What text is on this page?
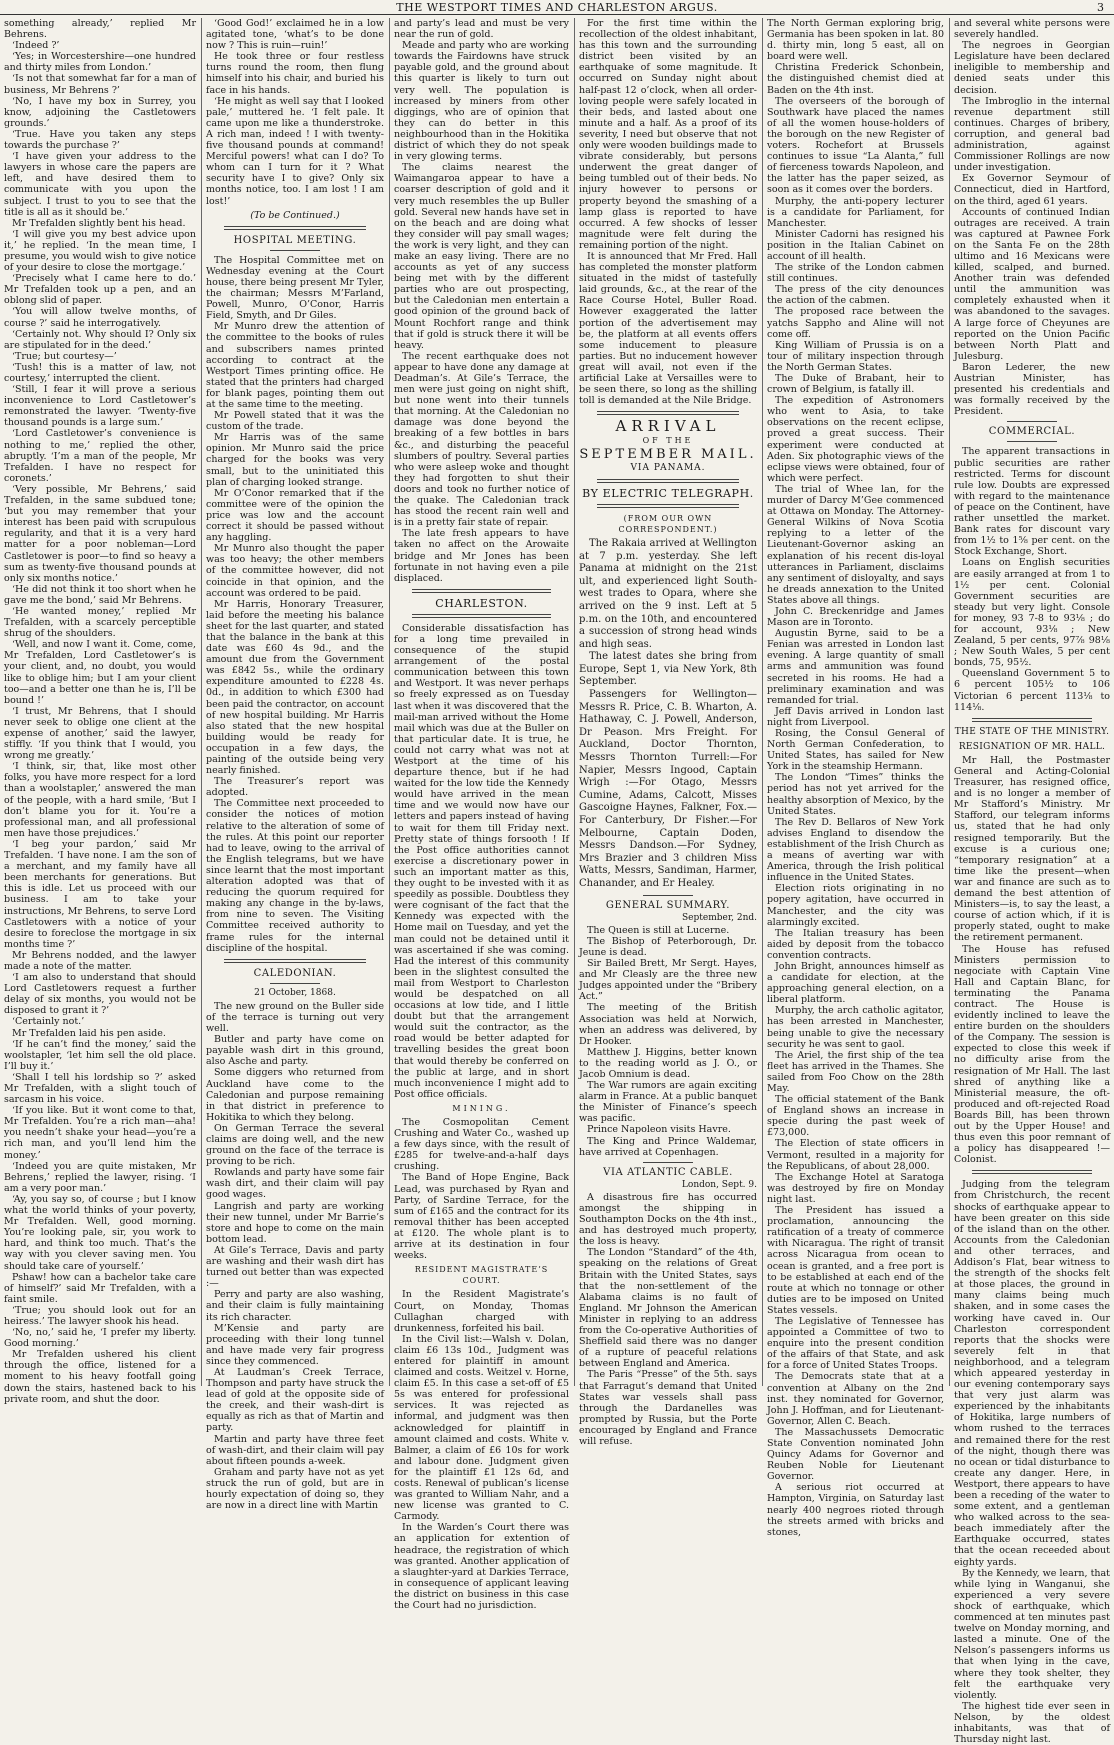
THE WESTPORT TIMES AND CHARLESTON ARGUS.	3

something already,’ replied Mr Behrens.

‘Indeed ?’

‘Yes; in Worcestershire—one hundred and thirty miles from London.’

‘Is not that somewhat far for a man of business, Mr Behrens ?’

‘No, I have my box in Surrey, you know, adjoining the Castletowers grounds.’

‘True. Have you taken any steps towards the purchase ?’

‘I have given your address to the lawyers in whose care the papers are left, and have desired them to communicate with you upon the subject. I trust to you to see that the title is all as it should be.’

Mr Trefalden slightly bent his head.

‘I will give you my best advice upon it,’ he replied. ‘In the mean time, I presume, you would wish to give notice of your desire to close the mortgage.’

‘Precisely what I came here to do.’ Mr Trefalden took up a pen, and an oblong slid of paper.

‘You will allow twelve months, of course ?’ said he interrogatively.

‘Certainly not. Why should I? Only six are stipulated for in the deed.’

‘True; but courtesy—’

‘Tush! this is a matter of law, not courtesy,’ interrupted the client.

‘Still, I fear it will prove a serious inconvenience to Lord Castletower’s remonstrated the lawyer. ‘Twenty-five thousand pounds is a large sum.’

‘Lord Castletower’s convenience is nothing to me,’ replied the other, abruptly. ‘I’m a man of the people, Mr Trefalden. I have no respect for coronets.’

‘Very possible, Mr Behrens,’ said Trefalden, in the same subdued tone; ‘but you may remember that your interest has been paid with scrupulous regularity, and that it is a very hard matter for a poor nobleman—Lord Castletower is poor—to find so heavy a sum as twenty-five thousand pounds at only six months notice.’

‘He did not think it too short when he gave me the bond,’ said Mr Behrens.

‘He wanted money,’ replied Mr Trefalden, with a scarcely perceptible shrug of the shoulders.

‘Well, and now I want it. Come, come, Mr Trefalden, Lord Castletower’s is your client, and, no doubt, you would like to oblige him; but I am your client too—and a better one than he is, I’ll be bound !’

‘I trust, Mr Behrens, that I should never seek to oblige one client at the expense of another,’ said the lawyer, stiffly. ‘If you think that I would, you wrong me greatly.’

‘I think, sir, that, like most other folks, you have more respect for a lord than a woolstapler,’ answered the man of the people, with a hard smile, ‘But I don’t blame you for it. You’re a professional man, and all professional men have those prejudices.’

‘I beg your pardon,’ said Mr Trefalden. ‘I have none. I am the son of a merchant, and my family have all been merchants for generations. But this is idle. Let us proceed with our business. I am to take your instructions, Mr Behrens, to serve Lord Castletowers with a notice of your desire to foreclose the mortgage in six months time ?’

Mr Behrens nodded, and the lawyer made a note of the matter.

‘I am also to understand that should Lord Castletowers request a further delay of six months, you would not be disposed to grant it ?’

‘Certainly not.’

Mr Trefalden laid his pen aside.

‘If he can’t find the money,’ said the woolstapler, ‘let him sell the old place. I’ll buy it.’

‘Shall I tell his lordship so ?’ asked Mr Trefalden, with a slight touch of sarcasm in his voice.

‘If you like. But it wont come to that, Mr Trefalden. You’re a rich man—aha! you needn’t shake your head—you’re a rich man, and you’ll lend him the money.’

‘Indeed you are quite mistaken, Mr Behrens,’ replied the lawyer, rising. ‘I am a very poor man.’

‘Ay, you say so, of course ; but I know what the world thinks of your poverty, Mr Trefalden. Well, good morning. You’re looking pale, sir, you work to hard, and think too much. That’s the way with you clever saving men. You should take care of yourself.’

Pshaw! how can a bachelor take care of himself?’ said Mr Trefalden, with a faint smile.

‘True; you should look out for an heiress.’ The lawyer shook his head.

‘No, no,’ said he, ‘I prefer my liberty. Good morning.’

Mr Trefalden ushered his client through the office, listened for a moment to his heavy footfall going down the stairs, hastened back to his private room, and shut the door.

‘Good God!’ exclaimed he in a low agitated tone, ‘what’s to be done now ? This is ruin—ruin!’

He took three or four restless turns round the room, then flung himself into his chair, and buried his face in his hands.

‘He might as well say that I looked pale,’ muttered he. ‘I felt pale. It came upon me like a thunderstroke. A rich man, indeed ! I with twenty-five thousand pounds at command! Merciful powers! what can I do? To whom can I turn for it ? What security have I to give? Only six months notice, too. I am lost ! I am lost!’

(To be Continued.)
HOSPITAL MEETING.

The Hospital Committee met on Wednesday evening at the Court house, there being present Mr Tyler, the chairman; Messrs M’Farland, Powell, Munro, O’Conor, Harris Field, Smyth, and Dr Giles.

Mr Munro drew the attention of the committee to the books of rules and subscribers names printed according to contract at the Westport Times printing office. He stated that the printers had charged for blank pages, pointing them out at the same time to the meeting.

Mr Powell stated that it was the custom of the trade.

Mr Harris was of the same opinion. Mr Munro said the price charged for the books was very small, but to the uninitiated this plan of charging looked strange.

Mr O’Conor remarked that if the committee were of the opinion the price was low and the account correct it should be passed without any haggling.

Mr Munro also thought the paper was too heavy; the other members of the committee however, did not coincide in that opinion, and the account was ordered to be paid.

Mr Harris, Honorary Treasurer, laid before the meeting his balance sheet for the last quarter, and stated that the balance in the bank at this date was £60 4s 9d., and the amount due from the Government was £842 5s., while the ordinary expenditure amounted to £228 4s. 0d., in addition to which £300 had been paid the contractor, on account of new hospital building. Mr Harris also stated that the new hospital building would be ready for occupation in a few days, the painting of the outside being very nearly finished.

The Treasurer’s report was adopted.

The Committee next proceeded to consider the notices of motion relative to the alteration of some of the rules. At this point our reporter had to leave, owing to the arrival of the English telegrams, but we have since learnt that the most important alteration adopted was that of reducing the quorum required for making any change in the by-laws, from nine to seven. The Visiting Committee received authority to frame rules for the internal discipline of the hospital.

CALEDONIAN.
21 October, 1868.

The new ground on the Buller side of the terrace is turning out very well.

Butler and party have come on payable wash dirt in this ground, also Asche and party.

Some diggers who returned from Auckland have come to the Caledonian and purpose remaining in that district in preference to Hokitika to which they belong.

On German Terrace the several claims are doing well, and the new ground on the face of the terrace is proving to be rich.

Rowlands and party have some fair wash dirt, and their claim will pay good wages.

Langrish and party are working their new tunnel, under Mr Barrie’s store and hope to come on the main bottom lead.

At Gile’s Terrace, Davis and party are washing and their wash dirt has turned out better than was expected :—

Perry and party are also washing, and their claim is fully maintaining its rich character.

M’Kensie and party are proceeding with their long tunnel and have made very fair progress since they commenced.

At Laudman’s Creek Terrace, Thompson and party have struck the lead of gold at the opposite side of the creek, and their wash-dirt is equally as rich as that of Martin and party.

Martin and party have three feet of wash-dirt, and their claim will pay about fifteen pounds a-week.

Graham and party have not as yet struck the run of gold, but are in hourly expectation of doing so, they are now in a direct line with Martin

and party’s lead and must be very near the run of gold.

Meade and party who are working towards the Fairdowns have struck payable gold, and the ground about this quarter is likely to turn out very well. The population is increased by miners from other diggings, who are of opinion that they can do better in this neighbourhood than in the Hokitika district of which they do not speak in very glowing terms.

The claims nearest the Waimangaroa appear to have a coarser description of gold and it very much resembles the up Buller gold. Several new hands have set in on the beach and are doing what they consider will pay small wages; the work is very light, and they can make an easy living. There are no accounts as yet of any success being met with by the different parties who are out prospecting, but the Caledonian men entertain a good opinion of the ground back of Mount Rochfort range and think that if gold is struck there it will be heavy.

The recent earthquake does not appear to have done any damage at Deadman’s. At Gile’s Terrace, the men were just going on night shift, but none went into their tunnels that morning. At the Caledonian no damage was done beyond the breaking of a few bottles in bars &c., and disturbing the peaceful slumbers of poultry. Several parties who were asleep woke and thought they had forgotten to shut their doors and took no further notice of the quake. The Caledonian track has stood the recent rain well and is in a pretty fair state of repair.

The late fresh appears to have taken no affect on the Arowaite bridge and Mr Jones has been fortunate in not having even a pile displaced.

CHARLESTON.

Considerable dissatisfaction has for a long time prevailed in consequence of the stupid arrangement of the postal communication between this town and Westport. It was never perhaps so freely expressed as on Tuesday last when it was discovered that the mail-man arrived without the Home mail which was due at the Buller on that particular date. It is true, he could not carry what was not at Westport at the time of his departure thence, but if he had waited for the low tide the Kennedy would have arrived in the mean time and we would now have our letters and papers instead of having to wait for them till Friday next. Pretty state of things forsooth ! If the Post office authorities cannot exercise a discretionary power in such an important matter as this, they ought to be invested with it as speedily as possible. Doubtless they were cognisant of the fact that the Kennedy was expected with the Home mail on Tuesday, and yet the man could not be detained until it was ascertained if she was coming. Had the interest of this community been in the slightest consulted the mail from Westport to Charleston would be despatched on all occasions at low tide, and I little doubt but that the arrangement would suit the contractor, as the road would be better adapted for travelling besides the great boon that would thereby be conferred on the public at large, and in short much inconvenience I might add to Post office officials.

MINING.

The Cosmopolitan Cement Crushing and Water Co., washed up a few days since, with the result of £285 for twelve-and-a-half days crushing.

The Band of Hope Engine, Back Lead, was purchased by Ryan and Party, of Sardine Terrace, for the sum of £165 and the contract for its removal thither has been accepted at £120. The whole plant is to arrive at its destination in four weeks.

RESIDENT MAGISTRATE’S COURT.

In the Resident Magistrate’s Court, on Monday, Thomas Cullaghan charged with drunkenness, forfeited his bail.

In the Civil list:—Walsh v. Dolan, claim £6 13s 10d., Judgment was entered for plaintiff in amount claimed and costs. Weitzel v. Horne, claim £5. In this case a set-off of £5 5s was entered for professional services. It was rejected as informal, and judgment was then acknowledged for plaintiff in amount claimed and costs. White v. Balmer, a claim of £6 10s for work and labour done. Judgment given for the plaintiff £1 12s 6d, and costs. Renewal of publican’s license was granted to William Nahr, and a new license was granted to C. Carmody.

In the Warden’s Court there was an application for extention of headrace, the registration of which was granted. Another application of a slaughter-yard at Darkies Terrace, in consequence of applicant leaving the district on business in this case the Court had no jurisdiction.

For the first time within the recollection of the oldest inhabitant, has this town and the surrounding district been visited by an earthquake of some magnitude. It occurred on Sunday night about half-past 12 o’clock, when all order-loving people were safely located in their beds, and lasted about one minute and a half. As a proof of its severity, I need but observe that not only were wooden buildings made to vibrate considerably, but persons underwent the great danger of being tumbled out of their beds. No injury however to persons or property beyond the smashing of a lamp glass is reported to have occurred. A few shocks of lesser magnitude were felt during the remaining portion of the night.

It is announced that Mr Fred. Hall has completed the monster platform situated in the midst of tastefully laid grounds, &c., at the rear of the Race Course Hotel, Buller Road. However exaggerated the latter portion of the advertisement may be, the platform at all events offers some inducement to pleasure parties. But no inducement however great will avail, not even if the artificial Lake at Versailles were to be seen there, so long as the shilling toll is demanded at the Nile Bridge.

ARRIVAL
OF THE
SEPTEMBER MAIL.
VIA PANAMA.
BY ELECTRIC TELEGRAPH.
(FROM OUR OWN CORRESPONDENT.)

The Rakaia arrived at Wellington at 7 p.m. yesterday. She left Panama at midnight on the 21st ult, and experienced light South-west trades to Opara, where she arrived on the 9 inst. Left at 5 p.m. on the 10th, and encountered a succession of strong head winds and high seas.

The latest dates she bring from Europe, Sept 1, via New York, 8th September.

Passengers for Wellington—Messrs R. Price, C. B. Wharton, A. Hathaway, C. J. Powell, Anderson, Dr Peason. Mrs Freight. For Auckland, Doctor Thornton, Messrs Thornton Turrell:—For Napier, Messrs Ingood, Captain Wrigh :—For Otago, Messrs Cumine, Adams, Calcott, Misses Gascoigne Haynes, Falkner, Fox.—For Canterbury, Dr Fisher.—For Melbourne, Captain Doden, Messrs Dandson.—For Sydney, Mrs Brazier and 3 children Miss Watts, Messrs, Sandiman, Harmer, Chanander, and Er Healey.

GENERAL SUMMARY.
September, 2nd.

The Queen is still at Lucerne.

The Bishop of Peterborough, Dr. Jeune is dead.

Sir Bailed Brett, Mr Sergt. Hayes, and Mr Cleasly are the three new Judges appointed under the “Bribery Act.”

The meeting of the British Association was held at Norwich, when an address was delivered, by Dr Hooker.

Matthew J. Higgins, better known to the reading world as J. O., or Jacob Omnium is dead.

The War rumors are again exciting alarm in France. At a public banquet the Minister of Finance’s speech was pacific.

Prince Napoleon visits Havre.

The King and Prince Waldemar, have arrived at Copenhagen.

VIA ATLANTIC CABLE.
London, Sept. 9.

A disastrous fire has occurred amongst the shipping in Southampton Docks on the 4th inst., and has destroyed much property, the loss is heavy.

The London “Standard” of the 4th, speaking on the relations of Great Britain with the United States, says that the non-settlement of the Alabama claims is no fault of England. Mr Johnson the American Minister in replying to an address from the Co-operative Authorities of Sheffield said there was no danger of a rupture of peaceful relations between England and America.

The Paris “Presse” of the 5th. says that Farragut’s demand that United States war vessels shall pass through the Dardanelles was prompted by Russia, but the Porte encouraged by England and France will refuse.

The North German exploring brig, Germania has been spoken in lat. 80 d. thirty min, long 5 east, all on board were well.

Christina Frederick Schonbein, the distinguished chemist died at Baden on the 4th inst.

The overseers of the borough of Southwark have placed the names of all the women house-holders of the borough on the new Register of voters. Rochefort at Brussels continues to issue “La Alanta,” full of fierceness towards Napoleon, and the latter has the paper seized, as soon as it comes over the borders.

Murphy, the anti-popery lecturer is a candidate for Parliament, for Manchester.

Minister Cadorni has resigned his position in the Italian Cabinet on account of ill health.

The strike of the London cabmen still continues.

The press of the city denounces the action of the cabmen.

The proposed race between the yatchs Sappho and Aline will not come off.

King William of Prussia is on a tour of military inspection through the North German States.

The Duke of Brabant, heir to crown of Belgium, is fatally ill.

The expedition of Astronomers who went to Asia, to take observations on the recent eclipse, proved a great success. Their experiment were conducted at Aden. Six photographic views of the eclipse views were obtained, four of which were perfect.

The trial of Whee lan, for the murder of Darcy M’Gee commenced at Ottawa on Monday. The Attorney-General Wilkins of Nova Scotia replying to a letter of the Lieutenant-Governor asking an explanation of his recent dis-loyal utterances in Parliament, disclaims any sentiment of disloyalty, and says he dreads annexation to the United States above all things.

John C. Breckenridge and James Mason are in Toronto.

Augustin Byrne, said to be a Fenian was arrested in London last evening. A large quantity of small arms and ammunition was found secreted in his rooms. He had a preliminary examination and was remanded for trial.

Jeff Davis arrived in London last night from Liverpool.

Rosing, the Consul General of North German Confederation, to United States, has sailed for New York in the steamship Hermann.

The London “Times” thinks the period has not yet arrived for the healthy absorption of Mexico, by the United States.

The Rev D. Bellaros of New York advises England to disendow the establishment of the Irish Church as a means of averting war with America, through the Irish political influence in the United States.

Election riots originating in no popery agitation, have occurred in Manchester, and the city was alarmingly excited.

The Italian treasury has been aided by deposit from the tobacco convention contracts.

John Bright, announces himself as a candidate for election, at the approaching general election, on a liberal platform.

Murphy, the arch catholic agitator, has been arrested in Manchester, being unable to give the necessary security he was sent to gaol.

The Ariel, the first ship of the tea fleet has arrived in the Thames. She sailed from Foo Chow on the 28th May.

The official statement of the Bank of England shows an increase in specie during the past week of £73,000.

The Election of state officers in Vermont, resulted in a majority for the Republicans, of about 28,000.

The Exchange Hotel at Saratoga was destroyed by fire on Monday night last.

The President has issued a proclamation, announcing the ratification of a treaty of commerce with Nicaragua. The right of transit across Nicaragua from ocean to ocean is granted, and a free port is to be established at each end of the route at which no tonnage or other duties are to be imposed on United States vessels.

The Legislative of Tennessee has appointed a Committee of two to enquire into the present condition of the affairs of that State, and ask for a force of United States Troops.

The Democrats state that at a convention at Albany on the 2nd inst. they nominated for Governor, John J. Hoffman, and for Lieutenant-Governor, Allen C. Beach.

The Massachussets Democratic State Convention nominated John Quincy Adams for Governor and Reuben Noble for Lieutenant Governor.

A serious riot occurred at Hampton, Virginia, on Saturday last nearly 400 negroes rioted through the streets armed with bricks and stones,

and several white persons were severely handled.

The negroes in Georgian Legislature have been declared ineligible to membership and denied seats under this decision.

The Imbroglio in the internal revenue department still continues. Charges of bribery, corruption, and general bad administration, against Commissioner Rollings are now under investigation.

Ex Governor Seymour of Connecticut, died in Hartford, on the third, aged 61 years.

Accounts of continued Indian outrages are received. A train was captured at Pawnee Fork on the Santa Fe on the 28th ultimo and 16 Mexicans were killed, scalped, and burned. Another train was defended until the ammunition was completely exhausted when it was abandoned to the savages. A large force of Cheyunes are reported on the Union Pacific between North Platt and Julesburg.

Baron Lederer, the new Austrian Minister, has presented his credentials and was formally received by the President.

COMMERCIAL.

The apparent transactions in public securities are rather restricted. Terms for discount rule low. Doubts are expressed with regard to the maintenance of peace on the Continent, have rather unsettled the market. Bank rates for discount vary from 1½ to 1⅝ per cent. on the Stock Exchange, Short.

Loans on English securities are easily arranged at from 1 to 1½ per cent. Colonial Government securities are steady but very light. Console for money, 93 7-8 to 93⅛ ; do for account, 93⅛ ; New Zealand, 5 per cents, 97⅞ 98⅛ ; New South Wales, 5 per cent bonds, 75, 95½.

Queensland Government 5 to 6 percent 105½ to 106 Victorian 6 percent 113⅛ to 114⅛.

THE STATE OF THE MINISTRY.
RESIGNATION OF MR. HALL.

Mr Hall, the Postmaster General and Acting-Colonial Treasurer, has resigned office, and is no longer a member of Mr Stafford’s Ministry. Mr Stafford, our telegram informs us, stated that he had only resigned temporarily. But the excuse is a curious one; “temporary resignation” at a time like the present—when war and finance are such as to demand the best attention of Ministers—is, to say the least, a course of action which, if it is properly stated, ought to make the retirement permanent.

The House has refused Ministers permission to negociate with Captain Vine Hall and Captain Blanc, for terminating the Panama contract. The House is evidently inclined to leave the entire burden on the shoulders of the Company. The session is expected to close this week if no difficulty arise from the resignation of Mr Hall. The last shred of anything like a Ministerial measure, the oft-produced and oft-rejected Road Boards Bill, has been thrown out by the Upper House! and thus even this poor remnant of a policy has disappeared !—Colonist.

Judging from the telegram from Christchurch, the recent shocks of earthquake appear to have been greater on this side of the island than on the other. Accounts from the Caledonian and other terraces, and Addison’s Flat, bear witness to the strength of the shocks felt at those places, the ground in many claims being much shaken, and in some cases the working have caved in. Our Charleston correspondent reports that the shocks were severely felt in that neighborhood, and a telegram which appeared yesterday in our evening contemporary says that very just alarm was experienced by the inhabitants of Hokitika, large numbers of whom rushed to the terraces and remained there for the rest of the night, though there was no ocean or tidal disturbance to create any danger. Here, in Westport, there appears to have been a receding of the water to some extent, and a gentleman who walked across to the sea-beach immediately after the Earthquake occurred, states that the ocean receeded about eighty yards.

By the Kennedy, we learn, that while lying in Wanganui, she experienced a very severe shock of earthquake, which commenced at ten minutes past twelve on Monday morning, and lasted a minute. One of the Nelson’s passengers informs us that when lying in the cave, where they took shelter, they felt the earthquake very violently.

The highest tide ever seen in Nelson, by the oldest inhabitants, was that of Thursday night last.
